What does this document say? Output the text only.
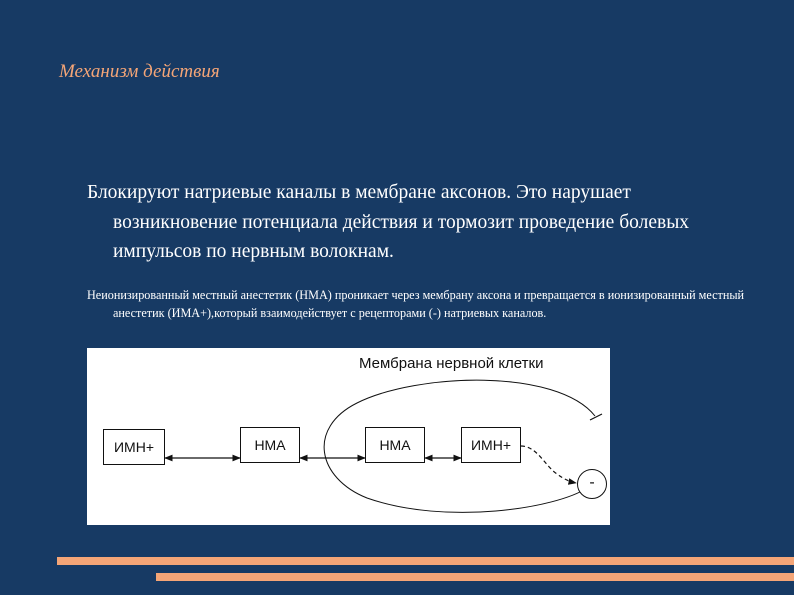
Механизм действия
Блокируют натриевые каналы в мембране аксонов. Это нарушает возникновение потенциала действия и тормозит проведение болевых импульсов по нервным волокнам.
Неионизированный местный анестетик (НМА) проникает через мембрану аксона и превращается в ионизированный местный анестетик (ИМА+),который взаимодействует с рецепторами (-) натриевых каналов.
Мембрана нервной клетки
ИМН+	НМА	НМА	ИМН+
-
